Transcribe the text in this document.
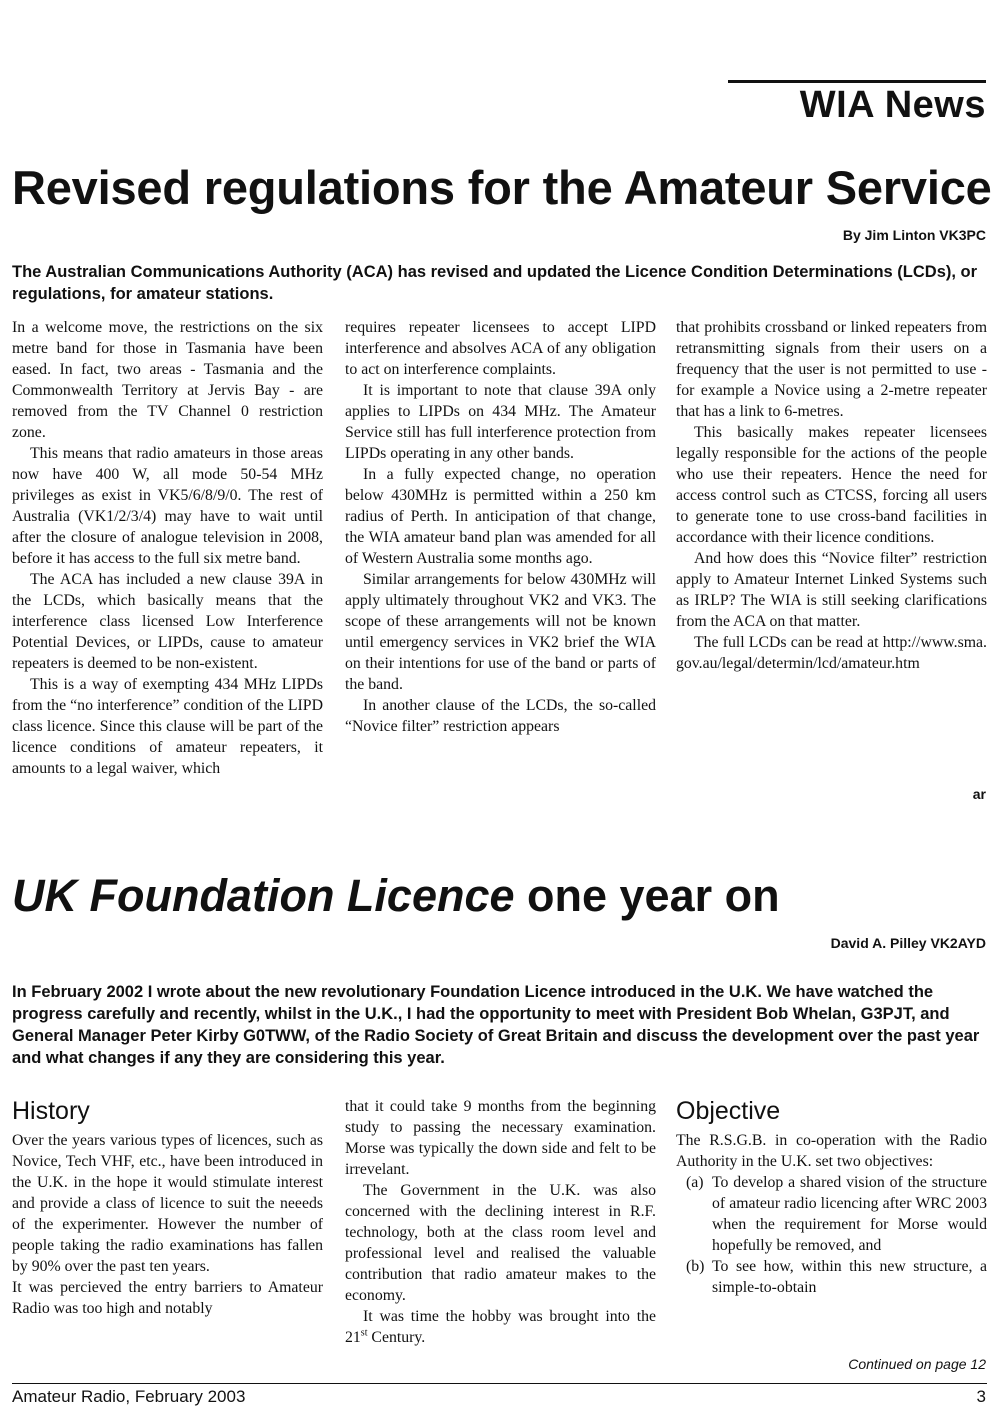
WIA News
Revised regulations for the Amateur Service
By Jim Linton VK3PC
The Australian Communications Authority (ACA) has revised and updated the Licence Condition Determinations (LCDs), or regulations, for amateur stations.

In a welcome move, the restrictions on the six metre band for those in Tasmania have been eased. In fact, two areas - Tasmania and the Commonwealth Territory at Jervis Bay - are removed from the TV Channel 0 restriction zone.

This means that radio amateurs in those areas now have 400 W, all mode 50-54 MHz privileges as exist in VK5/6/8/9/0. The rest of Australia (VK1/2/3/4) may have to wait until after the closure of analogue television in 2008, before it has access to the full six metre band.

The ACA has included a new clause 39A in the LCDs, which basically means that the interference class licensed Low Interference Potential Devices, or LIPDs, cause to amateur repeaters is deemed to be non-existent.

This is a way of exempting 434 MHz LIPDs from the “no interference” condition of the LIPD class licence. Since this clause will be part of the licence conditions of amateur repeaters, it amounts to a legal waiver, which

requires repeater licensees to accept LIPD interference and absolves ACA of any obligation to act on interference complaints.

It is important to note that clause 39A only applies to LIPDs on 434 MHz. The Amateur Service still has full interference protection from LIPDs operating in any other bands.

In a fully expected change, no operation below 430MHz is permitted within a 250 km radius of Perth. In anticipation of that change, the WIA amateur band plan was amended for all of Western Australia some months ago.

Similar arrangements for below 430MHz will apply ultimately throughout VK2 and VK3. The scope of these arrangements will not be known until emergency services in VK2 brief the WIA on their intentions for use of the band or parts of the band.

In another clause of the LCDs, the so-called “Novice filter” restriction appears

that prohibits crossband or linked repeaters from retransmitting signals from their users on a frequency that the user is not permitted to use - for example a Novice using a 2-metre repeater that has a link to 6-metres.

This basically makes repeater licensees legally responsible for the actions of the people who use their repeaters. Hence the need for access control such as CTCSS, forcing all users to generate tone to use cross-band facilities in accordance with their licence conditions.

And how does this “Novice filter” restriction apply to Amateur Internet Linked Systems such as IRLP? The WIA is still seeking clarifications from the ACA on that matter.

The full LCDs can be read at http://www.sma.gov.au/legal/determin/lcd/amateur.htm

ar
UK Foundation Licence one year on
David A. Pilley VK2AYD
In February 2002 I wrote about the new revolutionary Foundation Licence introduced in the U.K. We have watched the progress carefully and recently, whilst in the U.K., I had the opportunity to meet with President Bob Whelan, G3PJT, and General Manager Peter Kirby G0TWW, of the Radio Society of Great Britain and discuss the development over the past year and what changes if any they are considering this year.
History

Over the years various types of licences, such as Novice, Tech VHF, etc., have been introduced in the U.K. in the hope it would stimulate interest and provide a class of licence to suit the neeeds of the experimenter. However the number of people taking the radio examinations has fallen by 90% over the past ten years.

It was percieved the entry barriers to Amateur Radio was too high and notably

that it could take 9 months from the beginning study to passing the necessary examination. Morse was typically the down side and felt to be irrevelant.

The Government in the U.K. was also concerned with the declining interest in R.F. technology, both at the class room level and professional level and realised the valuable contribution that radio amateur makes to the economy.

It was time the hobby was brought into the 21st Century.

Objective

The R.S.G.B. in co-operation with the Radio Authority in the U.K. set two objectives:

(a) To develop a shared vision of the structure of amateur radio licencing after WRC 2003 when the requirement for Morse would hopefully be removed, and
(b) To see how, within this new structure, a simple-to-obtain
Continued on page 12
Amateur Radio, February 2003	3
